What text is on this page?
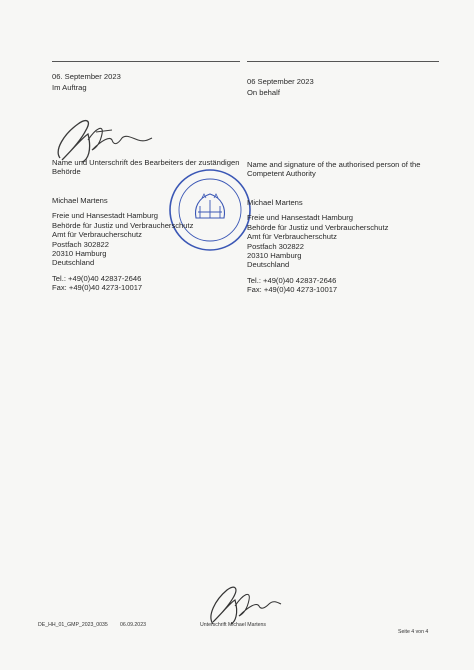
06. September 2023
Im Auftrag
06 September 2023
On behalf
Name und Unterschrift des Bearbeiters der zuständigen Behörde
Name and signature of the authorised person of the Competent Authority
Michael Martens
Freie und Hansestadt Hamburg
Behörde für Justiz und Verbraucherschutz
Amt für Verbraucherschutz
Postfach 302822
20310 Hamburg
Deutschland
Tel.: +49(0)40 42837-2646
Fax: +49(0)40 4273-10017
Michael Martens
Freie und Hansestadt Hamburg
Behörde für Justiz und Verbraucherschutz
Amt für Verbraucherschutz
Postfach 302822
20310 Hamburg
Deutschland
Tel.: +49(0)40 42837-2646
Fax: +49(0)40 4273-10017
DE_HH_01_GMP_2023_0035 06.09.2023	Unterschrift Michael Martens
Seite 4 von 4
